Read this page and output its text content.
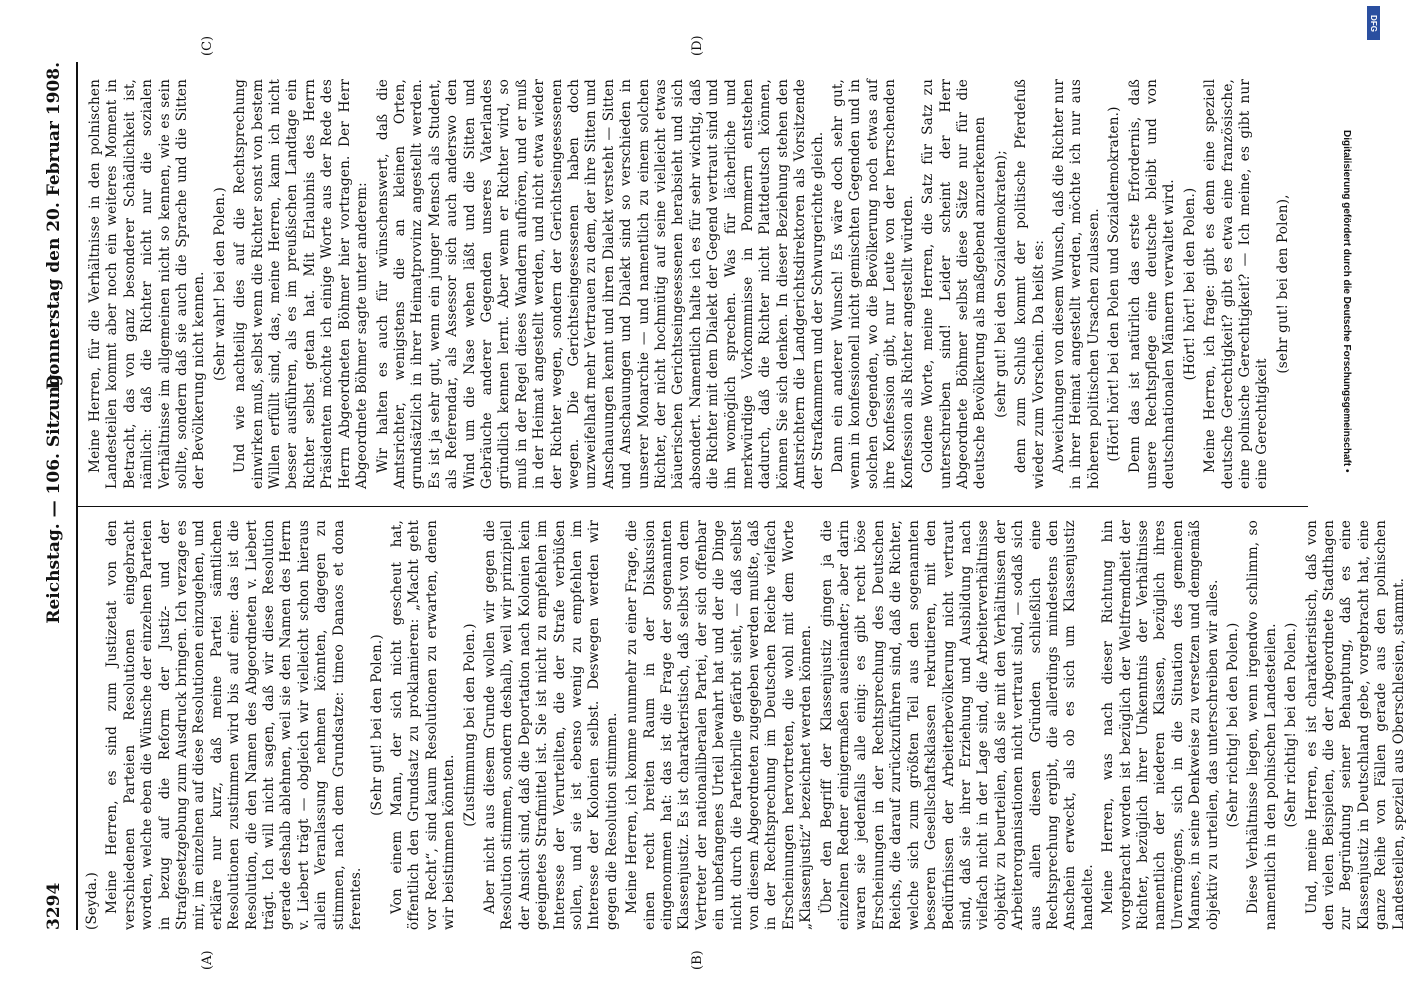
3294
Reichstag. — 106. Sitzung.
Donnerstag den 20. Februar 1908.
(A)	(B)
(C)	(D)

(Seyda.) Meine Herren, es sind zum Justizetat von den verschiedenen Parteien Resolutionen eingebracht worden, welche eben die Wünsche der einzelnen Parteien in bezug auf die Reform der Justiz- und der Strafgesetzgebung zum Ausdruck bringen. Ich verzage es mir, im einzelnen auf diese Resolutionen einzugehen, und erkläre nur kurz, daß meine Partei sämtlichen Resolutionen zustimmen wird bis auf eine: das ist die Resolution, die den Namen des Abgeordneten v. Liebert trägt. Ich will nicht sagen, daß wir diese Resolution gerade deshalb ablehnen, weil sie den Namen des Herrn v. Liebert trägt — obgleich wir vielleicht schon hieraus allein Veranlassung nehmen könnten, dagegen zu stimmen, nach dem Grundsatze: timeo Danaos et dona ferentes.

(Sehr gut! bei den Polen.) Von einem Mann, der sich nicht gescheut hat, öffentlich den Grundsatz zu proklamieren: „Macht geht vor Recht“, sind kaum Resolutionen zu erwarten, denen wir beistimmen könnten.

(Zustimmung bei den Polen.) Aber nicht aus diesem Grunde wollen wir gegen die Resolution stimmen, sondern deshalb, weil wir prinzipiell der Ansicht sind, daß die Deportation nach Kolonien kein geeignetes Strafmittel ist. Sie ist nicht zu empfehlen im Interesse der Verurteilten, die der Strafe verbüßen sollen, und sie ist ebenso wenig zu empfehlen im Interesse der Kolonien selbst. Deswegen werden wir gegen die Resolution stimmen. Meine Herren, ich komme nunmehr zu einer Frage, die einen recht breiten Raum in der Diskussion eingenommen hat: das ist die Frage der sogenannten Klassenjustiz. Es ist charakteristisch, daß selbst von dem Vertreter der nationalliberalen Partei, der sich offenbar ein unbefangenes Urteil bewahrt hat und der die Dinge nicht durch die Parteibrille gefärbt sieht, — daß selbst von diesem Abgeordneten zugegeben werden mußte, daß in der Rechtsprechung im Deutschen Reiche vielfach Erscheinungen hervortreten, die wohl mit dem Worte „Klassenjustiz“ bezeichnet werden können. Über den Begriff der Klassenjustiz gingen ja die einzelnen Redner einigermaßen auseinander; aber darin waren sie jedenfalls alle einig: es gibt recht böse Erscheinungen in der Rechtsprechung des Deutschen Reichs, die darauf zurückzuführen sind, daß die Richter, welche sich zum größten Teil aus den sogenannten besseren Gesellschaftsklassen rekrutieren, mit den Bedürfnissen der Arbeiterbevölkerung nicht vertraut sind, daß sie ihrer Erziehung und Ausbildung nach vielfach nicht in der Lage sind, die Arbeiterverhältnisse objektiv zu beurteilen, daß sie mit den Verhältnissen der Arbeiterorganisationen nicht vertraut sind, — sodaß sich aus allen diesen Gründen schließlich eine Rechtsprechung ergibt, die allerdings mindestens den Anschein erweckt, als ob es sich um Klassenjustiz handelte. Meine Herren, was nach dieser Richtung hin vorgebracht worden ist bezüglich der Weltfremdheit der Richter, bezüglich ihrer Unkenntnis der Verhältnisse namentlich der niederen Klassen, bezüglich ihres Unvermögens, sich in die Situation des gemeinen Mannes, in seine Denkweise zu versetzen und demgemäß objektiv zu urteilen, das unterschreiben wir alles. (Sehr richtig! bei den Polen.) Diese Verhältnisse liegen, wenn irgendwo schlimm, so namentlich in den polnischen Landesteilen. (Sehr richtig! bei den Polen.) Und, meine Herren, es ist charakteristisch, daß von den vielen Beispielen, die der Abgeordnete Stadthagen zur Begründung seiner Behauptung, daß es eine Klassenjustiz in Deutschland gebe, vorgebracht hat, eine ganze Reihe von Fällen gerade aus den polnischen Landesteilen, speziell aus Oberschlesien, stammt.

Meine Herren, für die Verhältnisse in den polnischen Landesteilen kommt aber noch ein weiteres Moment in Betracht, das von ganz besonderer Schädlichkeit ist, nämlich: daß die Richter nicht nur die sozialen Verhältnisse im allgemeinen nicht so kennen, wie es sein sollte, sondern daß sie auch die Sprache und die Sitten der Bevölkerung nicht kennen. (Sehr wahr! bei den Polen.) Und wie nachteilig dies auf die Rechtsprechung einwirken muß, selbst wenn die Richter sonst von bestem Willen erfüllt sind, das, meine Herren, kann ich nicht besser ausführen, als es im preußischen Landtage ein Richter selbst getan hat. Mit Erlaubnis des Herrn Präsidenten möchte ich einige Worte aus der Rede des Herrn Abgeordneten Böhmer hier vortragen. Der Herr Abgeordnete Böhmer sagte unter anderem: Wir halten es auch für wünschenswert, daß die Amtsrichter, wenigstens die an kleinen Orten, grundsätzlich in ihrer Heimatprovinz angestellt werden. Es ist ja sehr gut, wenn ein junger Mensch als Student, als Referendar, als Assessor sich auch anderswo den Wind um die Nase wehen läßt und die Sitten und Gebräuche anderer Gegenden unseres Vaterlandes gründlich kennen lernt. Aber wenn er Richter wird, so muß in der Regel dieses Wandern aufhören, und er muß in der Heimat angestellt werden, und nicht etwa wieder der Richter wegen, sondern der Gerichtseingesessenen wegen. Die Gerichtseingesessenen haben doch unzweifelhaft mehr Vertrauen zu dem, der ihre Sitten und Anschauungen kennt und ihren Dialekt versteht — Sitten und Anschauungen und Dialekt sind so verschieden in unserer Monarchie — und namentlich zu einem solchen Richter, der nicht hochmütig auf seine vielleicht etwas bäuerischen Gerichtseingesessenen herabsieht und sich absondert. Namentlich halte ich es für sehr wichtig, daß die Richter mit dem Dialekt der Gegend vertraut sind und ihn womöglich sprechen. Was für lächerliche und merkwürdige Vorkommnisse in Pommern entstehen dadurch, daß die Richter nicht Plattdeutsch können, können Sie sich denken. In dieser Beziehung stehen den Amtsrichtern die Landgerichtsdirektoren als Vorsitzende der Strafkammern und der Schwurgerichte gleich. Dann ein anderer Wunsch! Es wäre doch sehr gut, wenn in konfessionell nicht gemischten Gegenden und in solchen Gegenden, wo die Bevölkerung noch etwas auf ihre Konfession gibt, nur Leute von der herrschenden Konfession als Richter angestellt würden. Goldene Worte, meine Herren, die Satz für Satz zu unterschreiben sind! Leider scheint der Herr Abgeordnete Böhmer selbst diese Sätze nur für die deutsche Bevölkerung als maßgebend anzuerkennen (sehr gut! bei den Sozialdemokraten); denn zum Schluß kommt der politische Pferdefuß wieder zum Vorschein. Da heißt es: Abweichungen von diesem Wunsch, daß die Richter nur in ihrer Heimat angestellt werden, möchte ich nur aus höheren politischen Ursachen zulassen. (Hört! hört! bei den Polen und Sozialdemokraten.) Denn das ist natürlich das erste Erfordernis, daß unsere Rechtspflege eine deutsche bleibt und von deutschnationalen Männern verwaltet wird. (Hört! hört! bei den Polen.) Meine Herren, ich frage: gibt es denn eine speziell deutsche Gerechtigkeit? gibt es etwa eine französische, eine polnische Gerechtigkeit? — Ich meine, es gibt nur eine Gerechtigkeit

(sehr gut! bei den Polen),

DFG
Digitalisierung gefördert durch die Deutsche Forschungsgemeinschaft •
